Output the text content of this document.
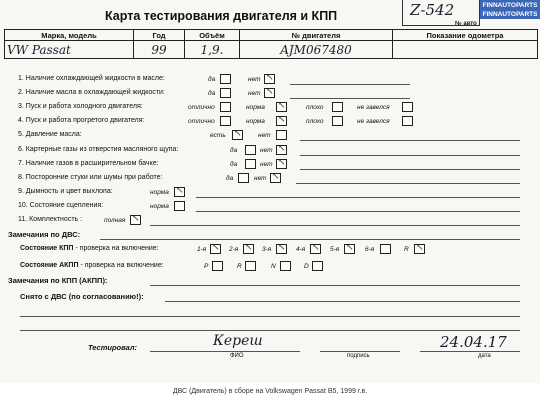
Карта тестирования двигателя и КПП	Z-542
№ авто
FINNAUTOPARTS
FINNAUTOPARTS
Марка, модель	Год	Объём	№ двигателя	Показание одометра
VW Passat	99	1,9.	AJM067480	
1. Наличие охлаждающей жидкости в масле:	да	нет ↖
2. Наличие масла в охлаждающей жидкости:	да	нет ↖
3. Пуск и работа холодного двигателя:	отлично	норма ↖	плохо	не завелся
4. Пуск и работа прогретого двигателя:	отлично	норма ↖	плохо	не завелся
5. Давление масла:	есть ↖	нет
6. Картерные газы из отверстия масляного щупа:	да	нет ↖
7. Наличие газов в расширительном бачке:	да	нет ↖
8. Посторонние стуки или шумы при работе:	да	нет ↖
9. Дымность и цвет выхлопа:	норма ↖
10. Состояние сцепления:	норма
11. Комплектность :	полная ↖
Замечания по ДВС:
Состояние КПП - проверка на включение:	1-я ↖ 2-я ↖ 3-я ↖ 4-я ↖ 5-я ↖ 6-я	R ↖
Состояние АКПП - проверка на включение:	P	R	N	D
Замечания по КПП (АКПП):
Снято с ДВС (по согласованию!):
Тестировал:	Кереш
ФИО	подпись
24.04.17
дата
ДВС (Двигатель) в сборе на Volkswagen Passat B5, 1999 г.в.
